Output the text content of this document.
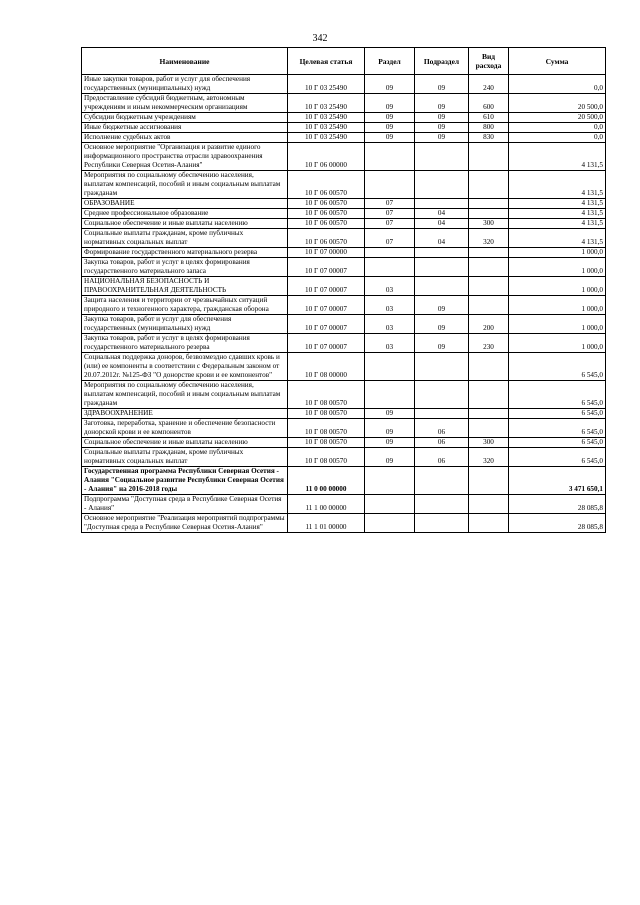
342
Наименование	Целевая статья	Раздел	Подраздел	Вид расхода	Сумма
Иные закупки товаров, работ и услуг для обеспечения государственных (муниципальных) нужд	10 Г 03 25490	09	09	240	0,0
Предоставление субсидий бюджетным, автономным учреждениям и иным некоммерческим организациям	10 Г 03 25490	09	09	600	20 500,0
Субсидии бюджетным учреждениям	10 Г 03 25490	09	09	610	20 500,0
Иные бюджетные ассигнования	10 Г 03 25490	09	09	800	0,0
Исполнение судебных актов	10 Г 03 25490	09	09	830	0,0
Основное мероприятие "Организация и развитие единого информационного пространства отрасли здравоохранения Республики Северная Осетия-Алания"	10 Г 06 00000				4 131,5
Мероприятия по социальному обеспечению населения, выплатам компенсаций, пособий и иным социальным выплатам гражданам	10 Г 06 00570				4 131,5
ОБРАЗОВАНИЕ	10 Г 06 00570	07			4 131,5
Среднее профессиональное образование	10 Г 06 00570	07	04		4 131,5
Социальное обеспечение и иные выплаты населению	10 Г 06 00570	07	04	300	4 131,5
Социальные выплаты гражданам, кроме публичных нормативных социальных выплат	10 Г 06 00570	07	04	320	4 131,5
Формирование государственного материального резерва	10 Г 07 00000				1 000,0
Закупка товаров, работ и услуг в целях формирования государственного материального запаса	10 Г 07 00007				1 000,0
НАЦИОНАЛЬНАЯ БЕЗОПАСНОСТЬ И ПРАВООХРАНИТЕЛЬНАЯ ДЕЯТЕЛЬНОСТЬ	10 Г 07 00007	03			1 000,0
Защита населения и территории от чрезвычайных ситуаций природного и техногенного характера, гражданская оборона	10 Г 07 00007	03	09		1 000,0
Закупка товаров, работ и услуг для обеспечения государственных (муниципальных) нужд	10 Г 07 00007	03	09	200	1 000,0
Закупка товаров, работ и услуг в целях формирования государственного материального резерва	10 Г 07 00007	03	09	230	1 000,0
Социальная поддержка доноров, безвозмездно сдавших кровь и (или) ее компоненты в соответствии с Федеральным законом от 20.07.2012г. №125-ФЗ "О донорстве крови и ее компонентов"	10 Г 08 00000				6 545,0
Мероприятия по социальному обеспечению населения, выплатам компенсаций, пособий и иным социальным выплатам гражданам	10 Г 08 00570				6 545,0
ЗДРАВООХРАНЕНИЕ	10 Г 08 00570	09			6 545,0
Заготовка, переработка, хранение и обеспечение безопасности донорской крови и ее компонентов	10 Г 08 00570	09	06		6 545,0
Социальное обеспечение и иные выплаты населению	10 Г 08 00570	09	06	300	6 545,0
Социальные выплаты гражданам, кроме публичных нормативных социальных выплат	10 Г 08 00570	09	06	320	6 545,0
Государственная программа Республики Северная Осетия - Алания "Социальное развитие Республики Северная Осетия - Алания" на 2016-2018 годы	11 0 00 00000				3 471 650,1
Подпрограмма "Доступная среда в Республике Северная Осетия - Алания"	11 1 00 00000				28 085,8
Основное мероприятие "Реализация мероприятий подпрограммы "Доступная среда в Республике Северная Осетия-Алания"	11 1 01 00000				28 085,8
